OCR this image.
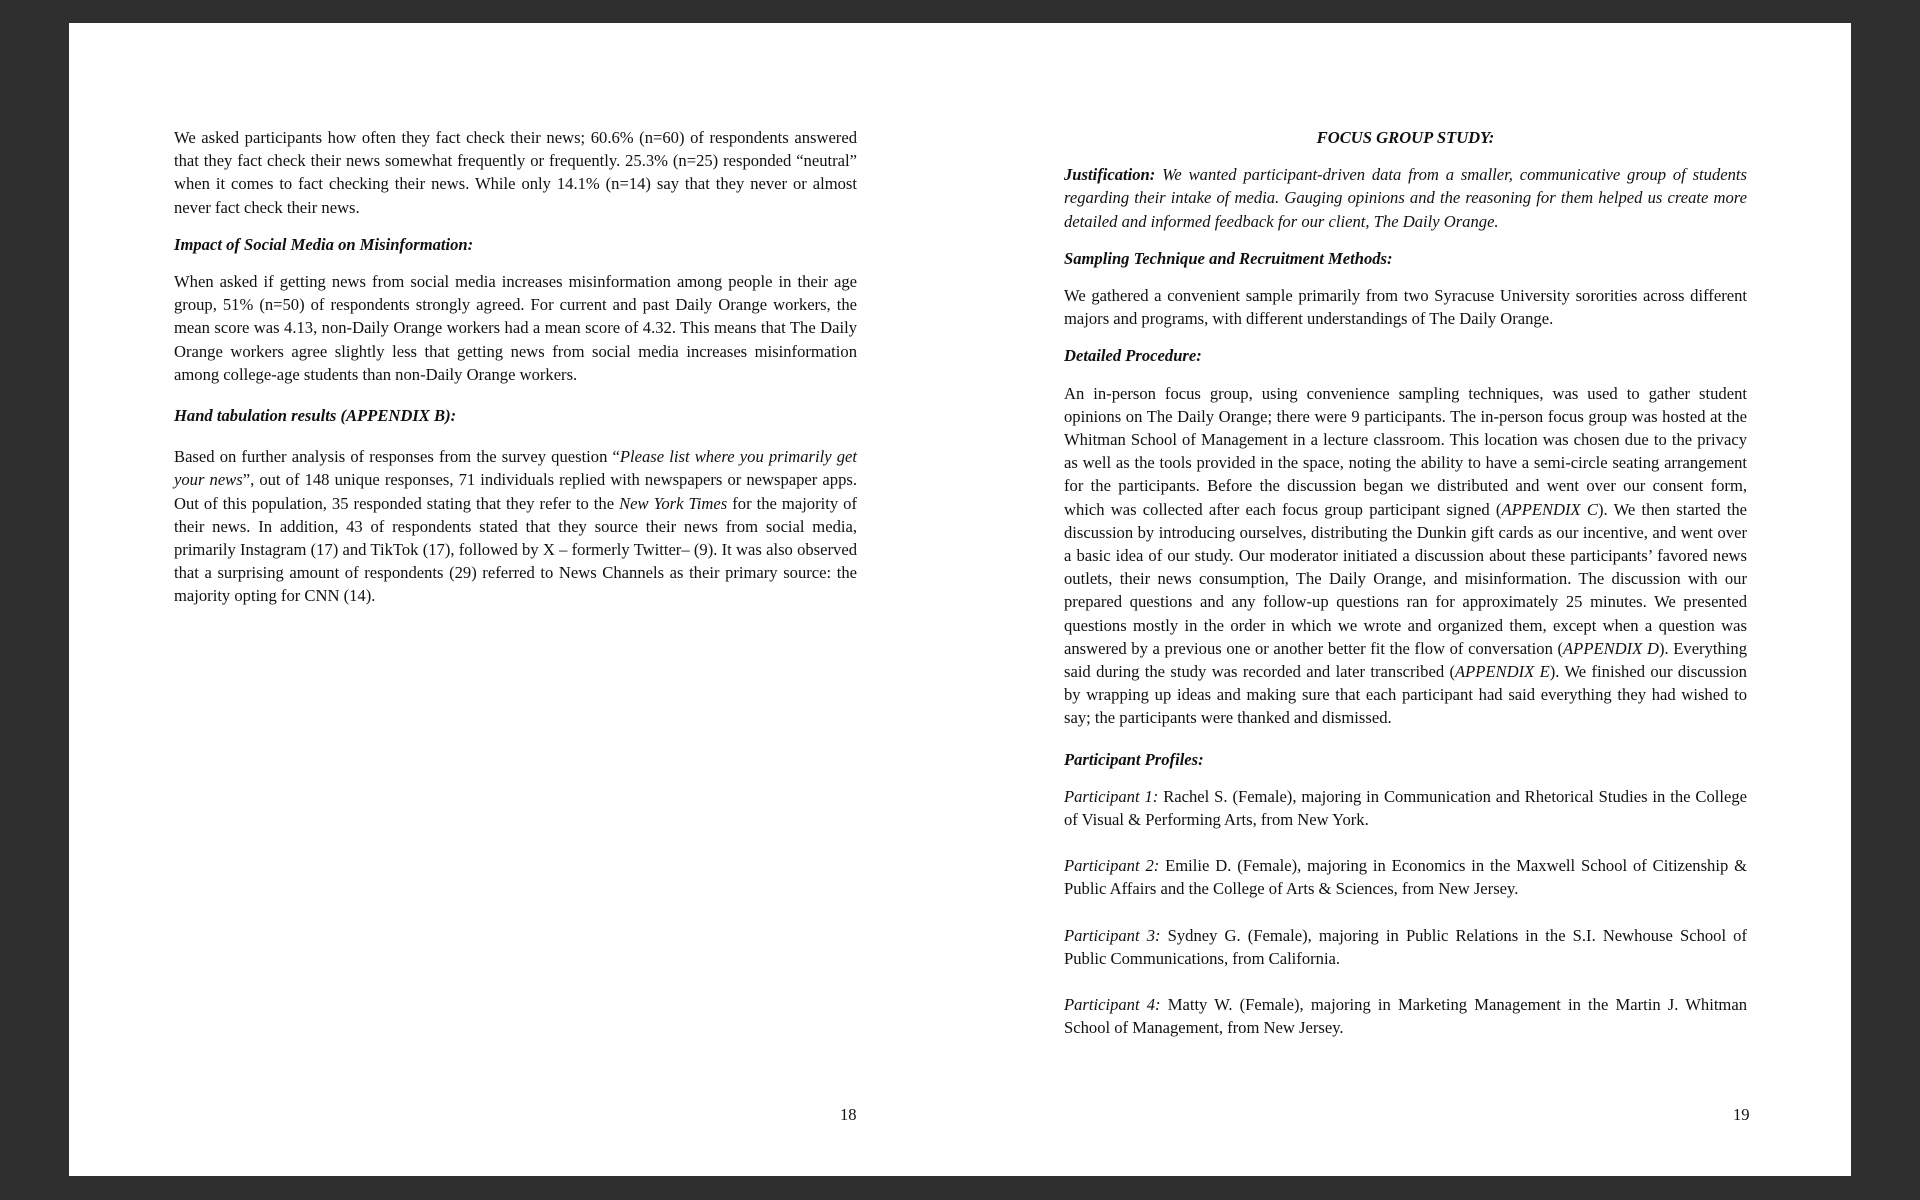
We asked participants how often they fact check their news; 60.6% (n=60) of respondents answered that they fact check their news somewhat frequently or frequently. 25.3% (n=25) responded “neutral” when it comes to fact checking their news. While only 14.1% (n=14) say that they never or almost never fact check their news.

Impact of Social Media on Misinformation:

When asked if getting news from social media increases misinformation among people in their age group, 51% (n=50) of respondents strongly agreed. For current and past Daily Orange workers, the mean score was 4.13, non-Daily Orange workers had a mean score of 4.32. This means that The Daily Orange workers agree slightly less that getting news from social media increases misinformation among college-age students than non-Daily Orange workers.

Hand tabulation results (APPENDIX B):

Based on further analysis of responses from the survey question “Please list where you primarily get your news”, out of 148 unique responses, 71 individuals replied with newspapers or newspaper apps. Out of this population, 35 responded stating that they refer to the New York Times for the majority of their news. In addition, 43 of respondents stated that they source their news from social media, primarily Instagram (17) and TikTok (17), followed by X – formerly Twitter– (9). It was also observed that a surprising amount of respondents (29) referred to News Channels as their primary source: the majority opting for CNN (14).

18
FOCUS GROUP STUDY:

Justification: We wanted participant-driven data from a smaller, communicative group of students regarding their intake of media. Gauging opinions and the reasoning for them helped us create more detailed and informed feedback for our client, The Daily Orange.

Sampling Technique and Recruitment Methods:

We gathered a convenient sample primarily from two Syracuse University sororities across different majors and programs, with different understandings of The Daily Orange.

Detailed Procedure:

An in-person focus group, using convenience sampling techniques, was used to gather student opinions on The Daily Orange; there were 9 participants. The in-person focus group was hosted at the Whitman School of Management in a lecture classroom. This location was chosen due to the privacy as well as the tools provided in the space, noting the ability to have a semi-circle seating arrangement for the participants. Before the discussion began we distributed and went over our consent form, which was collected after each focus group participant signed (APPENDIX C). We then started the discussion by introducing ourselves, distributing the Dunkin gift cards as our incentive, and went over a basic idea of our study. Our moderator initiated a discussion about these participants’ favored news outlets, their news consumption, The Daily Orange, and misinformation. The discussion with our prepared questions and any follow-up questions ran for approximately 25 minutes. We presented questions mostly in the order in which we wrote and organized them, except when a question was answered by a previous one or another better fit the flow of conversation (APPENDIX D). Everything said during the study was recorded and later transcribed (APPENDIX E). We finished our discussion by wrapping up ideas and making sure that each participant had said everything they had wished to say; the participants were thanked and dismissed.

Participant Profiles:

Participant 1: Rachel S. (Female), majoring in Communication and Rhetorical Studies in the College of Visual & Performing Arts, from New York.

Participant 2: Emilie D. (Female), majoring in Economics in the Maxwell School of Citizenship & Public Affairs and the College of Arts & Sciences, from New Jersey.

Participant 3: Sydney G. (Female), majoring in Public Relations in the S.I. Newhouse School of Public Communications, from California.

Participant 4: Matty W. (Female), majoring in Marketing Management in the Martin J. Whitman School of Management, from New Jersey.

19
